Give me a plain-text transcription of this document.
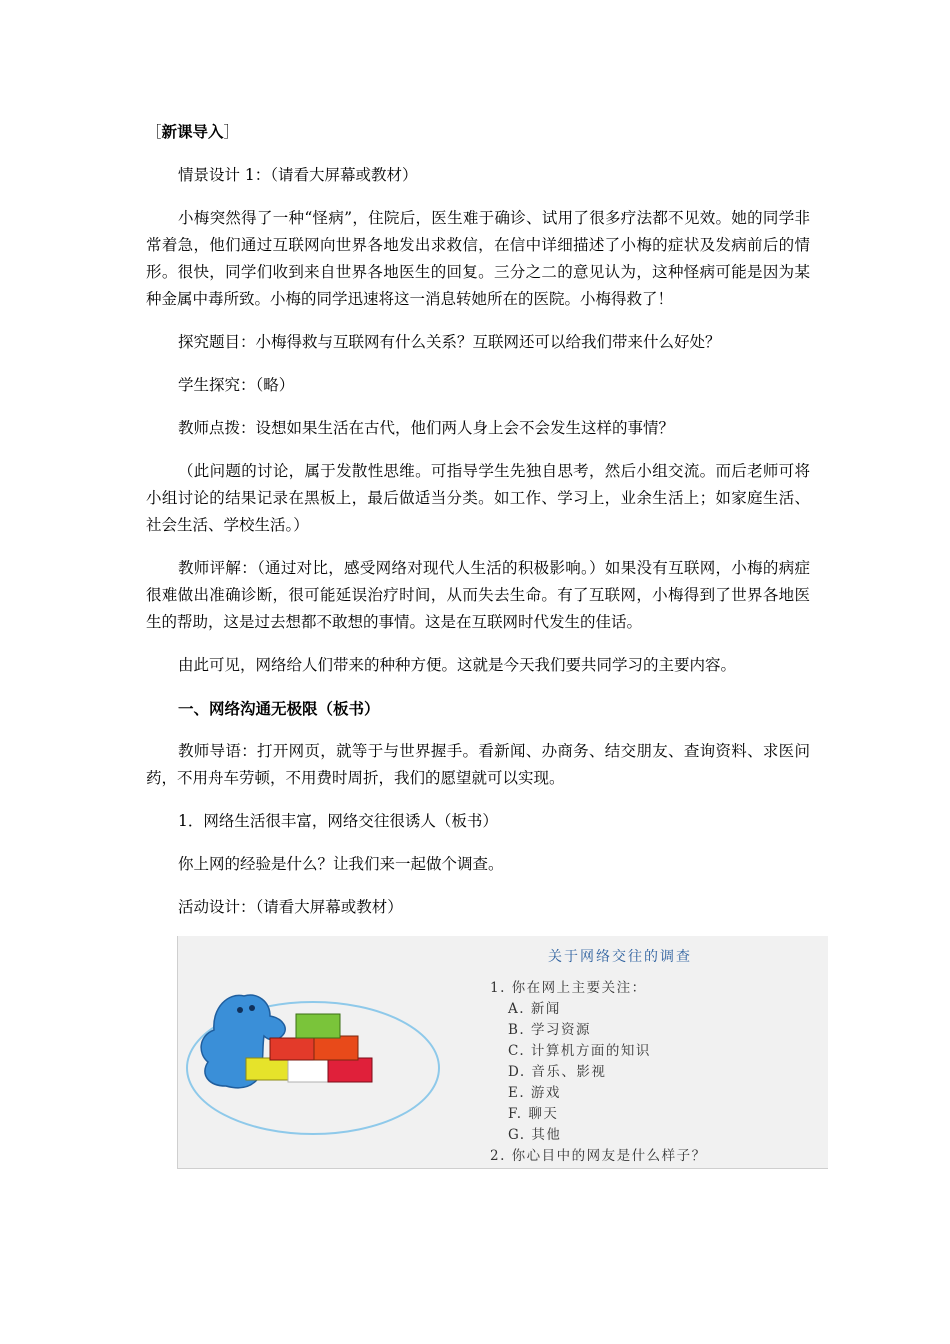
［新课导入］

情景设计 1：（请看大屏幕或教材）

小梅突然得了一种“怪病”，住院后，医生难于确诊、试用了很多疗法都不见效。她的同学非常着急，他们通过互联网向世界各地发出求救信，在信中详细描述了小梅的症状及发病前后的情形。很快，同学们收到来自世界各地医生的回复。三分之二的意见认为，这种怪病可能是因为某种金属中毒所致。小梅的同学迅速将这一消息转她所在的医院。小梅得救了！

探究题目：小梅得救与互联网有什么关系？互联网还可以给我们带来什么好处？

学生探究：（略）

教师点拨：设想如果生活在古代，他们两人身上会不会发生这样的事情？

（此问题的讨论，属于发散性思维。可指导学生先独自思考，然后小组交流。而后老师可将小组讨论的结果记录在黑板上，最后做适当分类。如工作、学习上，业余生活上；如家庭生活、社会生活、学校生活。）

教师评解：（通过对比，感受网络对现代人生活的积极影响。）如果没有互联网，小梅的病症很难做出准确诊断，很可能延误治疗时间，从而失去生命。有了互联网，小梅得到了世界各地医生的帮助，这是过去想都不敢想的事情。这是在互联网时代发生的佳话。

由此可见，网络给人们带来的种种方便。这就是今天我们要共同学习的主要内容。

一、网络沟通无极限（板书）

教师导语：打开网页，就等于与世界握手。看新闻、办商务、结交朋友、查询资料、求医问药，不用舟车劳顿，不用费时周折，我们的愿望就可以实现。

1．网络生活很丰富，网络交往很诱人（板书）

你上网的经验是什么？让我们来一起做个调查。

活动设计：（请看大屏幕或教材）

关于网络交往的调查
1. 你在网上主要关注：
A. 新闻
B. 学习资源
C. 计算机方面的知识
D. 音乐、影视
E. 游戏
F. 聊天
G. 其他
2. 你心目中的网友是什么样子？
